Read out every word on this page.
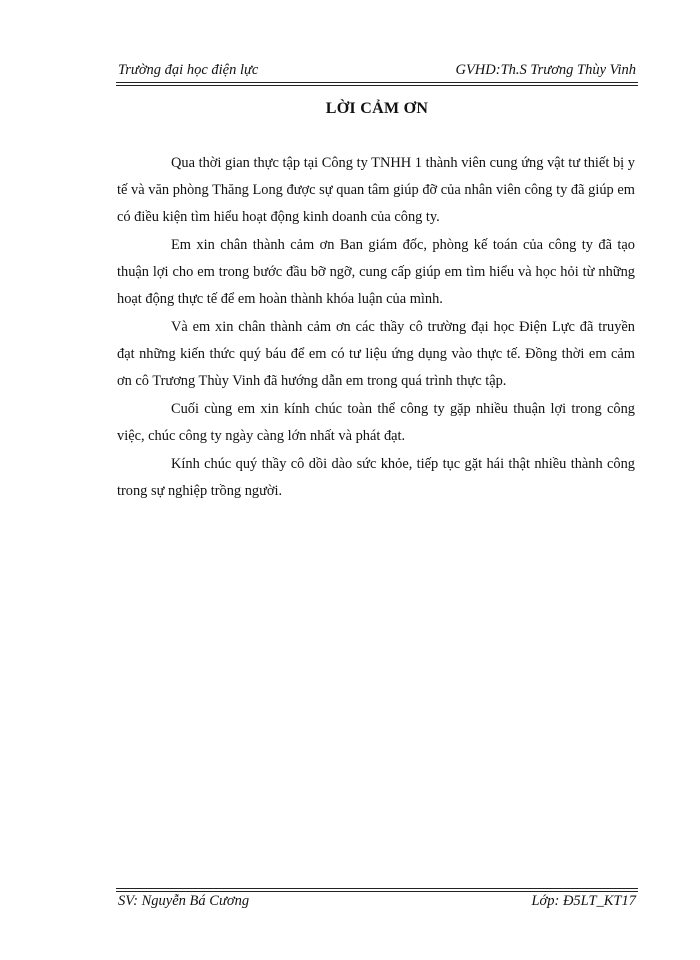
Trường đại học điện lực	GVHD:Th.S Trương Thùy Vinh
LỜI CẢM ƠN

Qua thời gian thực tập tại Công ty TNHH 1 thành viên cung ứng vật tư thiết bị y tế và văn phòng Thăng Long được sự quan tâm giúp đỡ của nhân viên công ty đã giúp em có điều kiện tìm hiểu hoạt động kinh doanh của công ty.

Em xin chân thành cảm ơn Ban giám đốc, phòng kế toán của công ty đã tạo thuận lợi cho em trong bước đầu bỡ ngỡ, cung cấp giúp em tìm hiểu và học hỏi từ những hoạt động thực tế để em hoàn thành khóa luận của mình.

Và em xin chân thành cảm ơn các thầy cô trường đại học Điện Lực đã truyền đạt những kiến thức quý báu để em có tư liệu ứng dụng vào thực tế. Đồng thời em cảm ơn cô Trương Thùy Vinh đã hướng dẫn em trong quá trình thực tập.

Cuối cùng em xin kính chúc toàn thể công ty gặp nhiều thuận lợi trong công việc, chúc công ty ngày càng lớn nhất và phát đạt.

Kính chúc quý thầy cô dồi dào sức khỏe, tiếp tục gặt hái thật nhiều thành công trong sự nghiệp trồng người.

SV: Nguyễn Bá Cương	Lớp: Đ5LT_KT17
